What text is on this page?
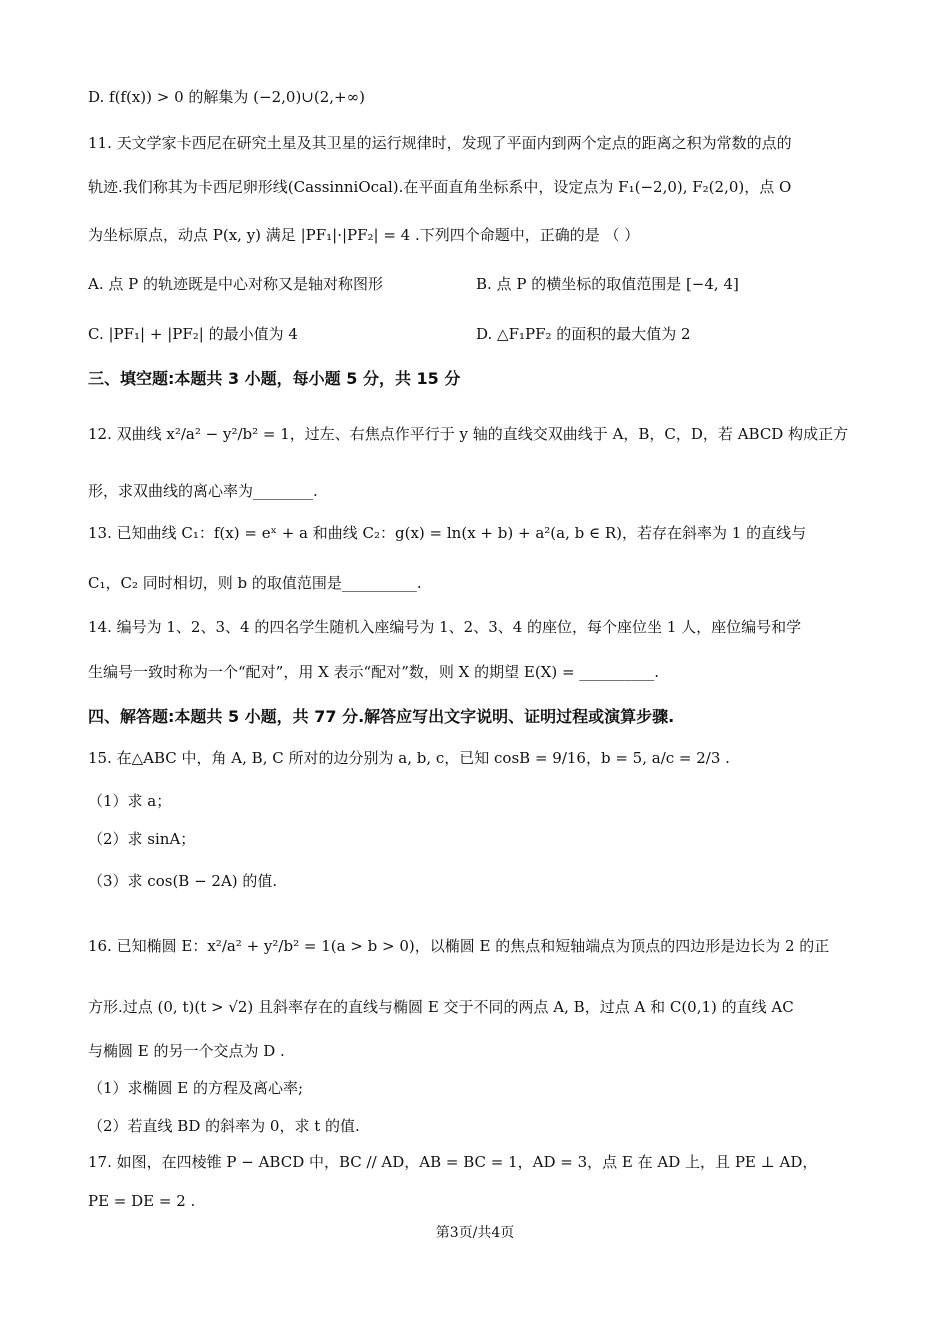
D. f(f(x)) > 0 的解集为 (−2,0)∪(2,+∞)
11. 天文学家卡西尼在研究土星及其卫星的运行规律时，发现了平面内到两个定点的距离之积为常数的点的
轨迹.我们称其为卡西尼卵形线(CassinniOcal).在平面直角坐标系中，设定点为 F₁(−2,0), F₂(2,0)，点 O
为坐标原点，动点 P(x, y) 满足 |PF₁|·|PF₂| = 4 .下列四个命题中，正确的是 （ ）
A. 点 P 的轨迹既是中心对称又是轴对称图形	B. 点 P 的横坐标的取值范围是 [−4, 4]
C. |PF₁| + |PF₂| 的最小值为 4	D. △F₁PF₂ 的面积的最大值为 2
三、填空题:本题共 3 小题，每小题 5 分，共 15 分
12. 双曲线 x²/a² − y²/b² = 1，过左、右焦点作平行于 y 轴的直线交双曲线于 A，B，C，D，若 ABCD 构成正方
形，求双曲线的离心率为________.
13. 已知曲线 C₁：f(x) = eˣ + a 和曲线 C₂：g(x) = ln(x + b) + a²(a, b ∈ R)，若存在斜率为 1 的直线与
C₁，C₂ 同时相切，则 b 的取值范围是__________.
14. 编号为 1、2、3、4 的四名学生随机入座编号为 1、2、3、4 的座位，每个座位坐 1 人，座位编号和学
生编号一致时称为一个“配对”，用 X 表示“配对”数，则 X 的期望 E(X) = __________.
四、解答题:本题共 5 小题，共 77 分.解答应写出文字说明、证明过程或演算步骤.
15. 在△ABC 中，角 A, B, C 所对的边分别为 a, b, c，已知 cosB = 9/16，b = 5, a/c = 2/3 .
（1）求 a；
（2）求 sinA；
（3）求 cos(B − 2A) 的值.
16. 已知椭圆 E：x²/a² + y²/b² = 1(a > b > 0)，以椭圆 E 的焦点和短轴端点为顶点的四边形是边长为 2 的正
方形.过点 (0, t)(t > √2) 且斜率存在的直线与椭圆 E 交于不同的两点 A, B，过点 A 和 C(0,1) 的直线 AC
与椭圆 E 的另一个交点为 D .
（1）求椭圆 E 的方程及离心率;
（2）若直线 BD 的斜率为 0，求 t 的值.
17. 如图，在四棱锥 P − ABCD 中，BC // AD，AB = BC = 1，AD = 3，点 E 在 AD 上，且 PE ⊥ AD，
PE = DE = 2 .
第3页/共4页
